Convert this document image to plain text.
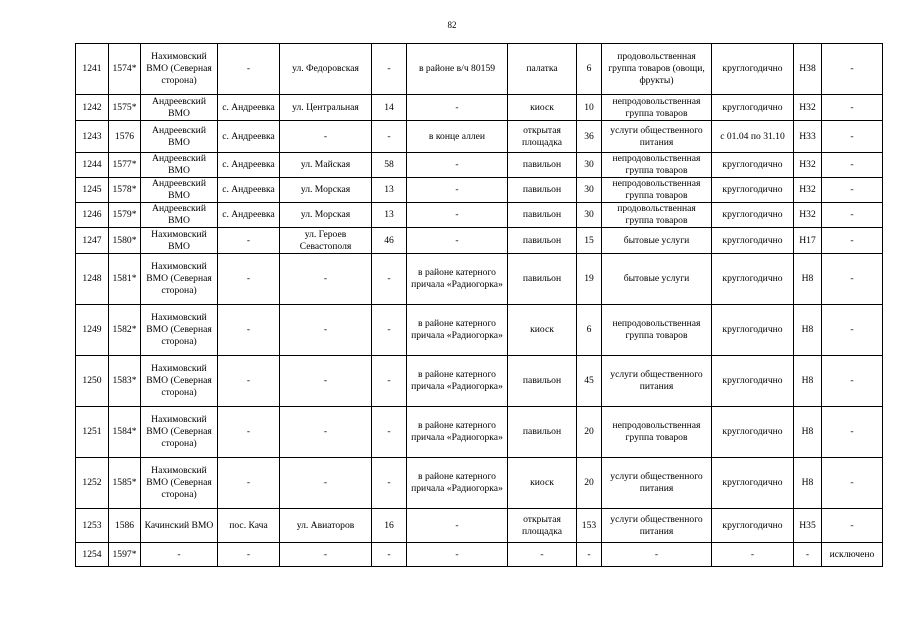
82
1241	1574*	Нахимовский ВМО (Северная сторона)	-	ул. Федоровская	-	в районе в/ч 80159	палатка	6	продовольственная группа товаров (овощи, фрукты)	круглогодично	Н38	-
1242	1575*	Андреевский ВМО	с. Андреевка	ул. Центральная	14	-	киоск	10	непродовольственная группа товаров	круглогодично	Н32	-
1243	1576	Андреевский ВМО	с. Андреевка	-	-	в конце аллеи	открытая площадка	36	услуги общественного питания	с 01.04 по 31.10	Н33	-
1244	1577*	Андреевский ВМО	с. Андреевка	ул. Майская	58	-	павильон	30	непродовольственная группа товаров	круглогодично	Н32	-
1245	1578*	Андреевский ВМО	с. Андреевка	ул. Морская	13	-	павильон	30	непродовольственная группа товаров	круглогодично	Н32	-
1246	1579*	Андреевский ВМО	с. Андреевка	ул. Морская	13	-	павильон	30	продовольственная группа товаров	круглогодично	Н32	-
1247	1580*	Нахимовский ВМО	-	ул. Героев Севастополя	46	-	павильон	15	бытовые услуги	круглогодично	Н17	-
1248	1581*	Нахимовский ВМО (Северная сторона)	-	-	-	в районе катерного причала «Радиогорка»	павильон	19	бытовые услуги	круглогодично	Н8	-
1249	1582*	Нахимовский ВМО (Северная сторона)	-	-	-	в районе катерного причала «Радиогорка»	киоск	6	непродовольственная группа товаров	круглогодично	Н8	-
1250	1583*	Нахимовский ВМО (Северная сторона)	-	-	-	в районе катерного причала «Радиогорка»	павильон	45	услуги общественного питания	круглогодично	Н8	-
1251	1584*	Нахимовский ВМО (Северная сторона)	-	-	-	в районе катерного причала «Радиогорка»	павильон	20	непродовольственная группа товаров	круглогодично	Н8	-
1252	1585*	Нахимовский ВМО (Северная сторона)	-	-	-	в районе катерного причала «Радиогорка»	киоск	20	услуги общественного питания	круглогодично	Н8	-
1253	1586	Качинский ВМО	пос. Кача	ул. Авиаторов	16	-	открытая площадка	153	услуги общественного питания	круглогодично	Н35	-
1254	1597*	-	-	-	-	-	-	-	-	-	-	исключено
